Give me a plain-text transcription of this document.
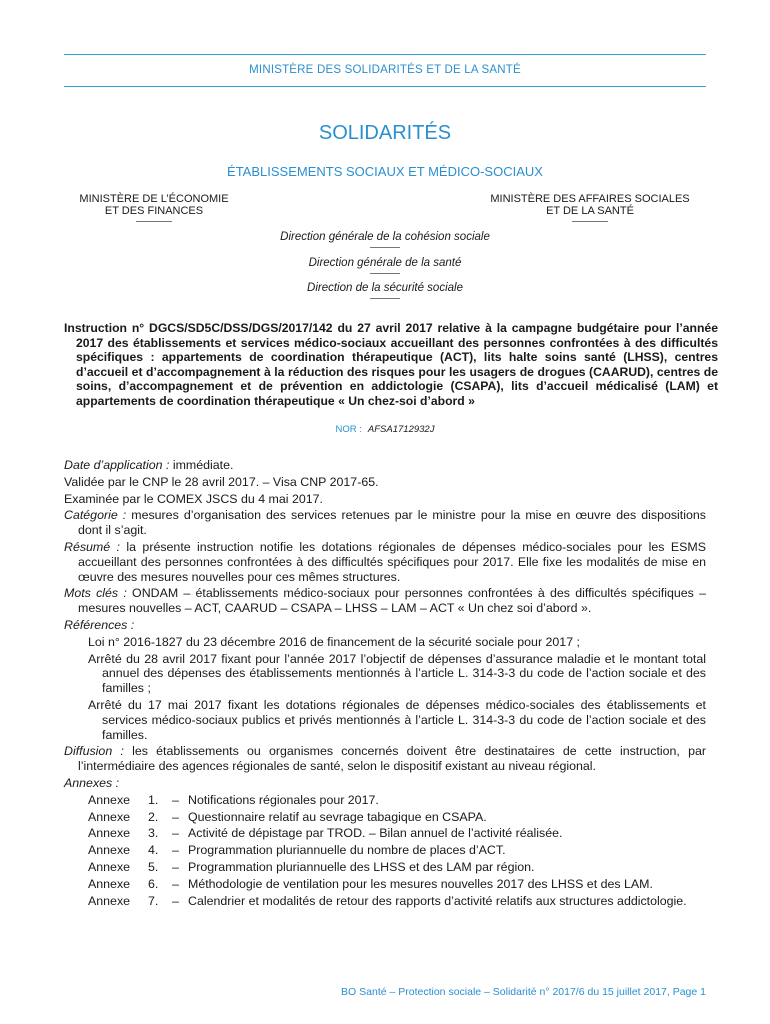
MINISTÈRE DES SOLIDARITÉS ET DE LA SANTÉ
SOLIDARITÉS
ÉTABLISSEMENTS SOCIAUX ET MÉDICO-SOCIAUX
MINISTÈRE DE L’ÉCONOMIE
ET DES FINANCES
MINISTÈRE DES AFFAIRES SOCIALES
ET DE LA SANTÉ
Direction générale de la cohésion sociale
Direction générale de la santé
Direction de la sécurité sociale
Instruction n° DGCS/SD5C/DSS/DGS/2017/142 du 27 avril 2017 relative à la campagne budgétaire pour l’année 2017 des établissements et services médico-sociaux accueillant des personnes confrontées à des difficultés spécifiques : appartements de coordination thérapeutique (ACT), lits halte soins santé (LHSS), centres d’accueil et d’accompagnement à la réduction des risques pour les usagers de drogues (CAARUD), centres de soins, d’accompagnement et de prévention en addictologie (CSAPA), lits d’accueil médicalisé (LAM) et appartements de coordination thérapeutique « Un chez-soi d’abord »
NOR : AFSA1712932J

Date d’application : immédiate.

Validée par le CNP le 28 avril 2017. – Visa CNP 2017-65.

Examinée par le COMEX JSCS du 4 mai 2017.

Catégorie : mesures d’organisation des services retenues par le ministre pour la mise en œuvre des dispositions dont il s’agit.

Résumé : la présente instruction notifie les dotations régionales de dépenses médico-sociales pour les ESMS accueillant des personnes confrontées à des difficultés spécifiques pour 2017. Elle fixe les modalités de mise en œuvre des mesures nouvelles pour ces mêmes structures.

Mots clés : ONDAM – établissements médico-sociaux pour personnes confrontées à des difficultés spécifiques – mesures nouvelles – ACT, CAARUD – CSAPA – LHSS – LAM – ACT « Un chez soi d’abord ».

Références :

Loi n° 2016-1827 du 23 décembre 2016 de financement de la sécurité sociale pour 2017 ;

Arrêté du 28 avril 2017 fixant pour l’année 2017 l’objectif de dépenses d’assurance maladie et le montant total annuel des dépenses des établissements mentionnés à l’article L. 314-3-3 du code de l’action sociale et des familles ;

Arrêté du 17 mai 2017 fixant les dotations régionales de dépenses médico-sociales des établissements et services médico-sociaux publics et privés mentionnés à l’article L. 314-3-3 du code de l’action sociale et des familles.

Diffusion : les établissements ou organismes concernés doivent être destinataires de cette instruction, par l’intermédiaire des agences régionales de santé, selon le dispositif existant au niveau régional.

Annexes :

Annexe	1.	– Notifications régionales pour 2017.
Annexe	2.	– Questionnaire relatif au sevrage tabagique en CSAPA.
Annexe	3.	– Activité de dépistage par TROD. – Bilan annuel de l’activité réalisée.
Annexe	4.	– Programmation pluriannuelle du nombre de places d’ACT.
Annexe	5.	– Programmation pluriannuelle des LHSS et des LAM par région.
Annexe	6.	– Méthodologie de ventilation pour les mesures nouvelles 2017 des LHSS et des LAM.
Annexe	7.	– Calendrier et modalités de retour des rapports d’activité relatifs aux structures addictologie.
BO Santé – Protection sociale – Solidarité n° 2017/6 du 15 juillet 2017, Page 1
